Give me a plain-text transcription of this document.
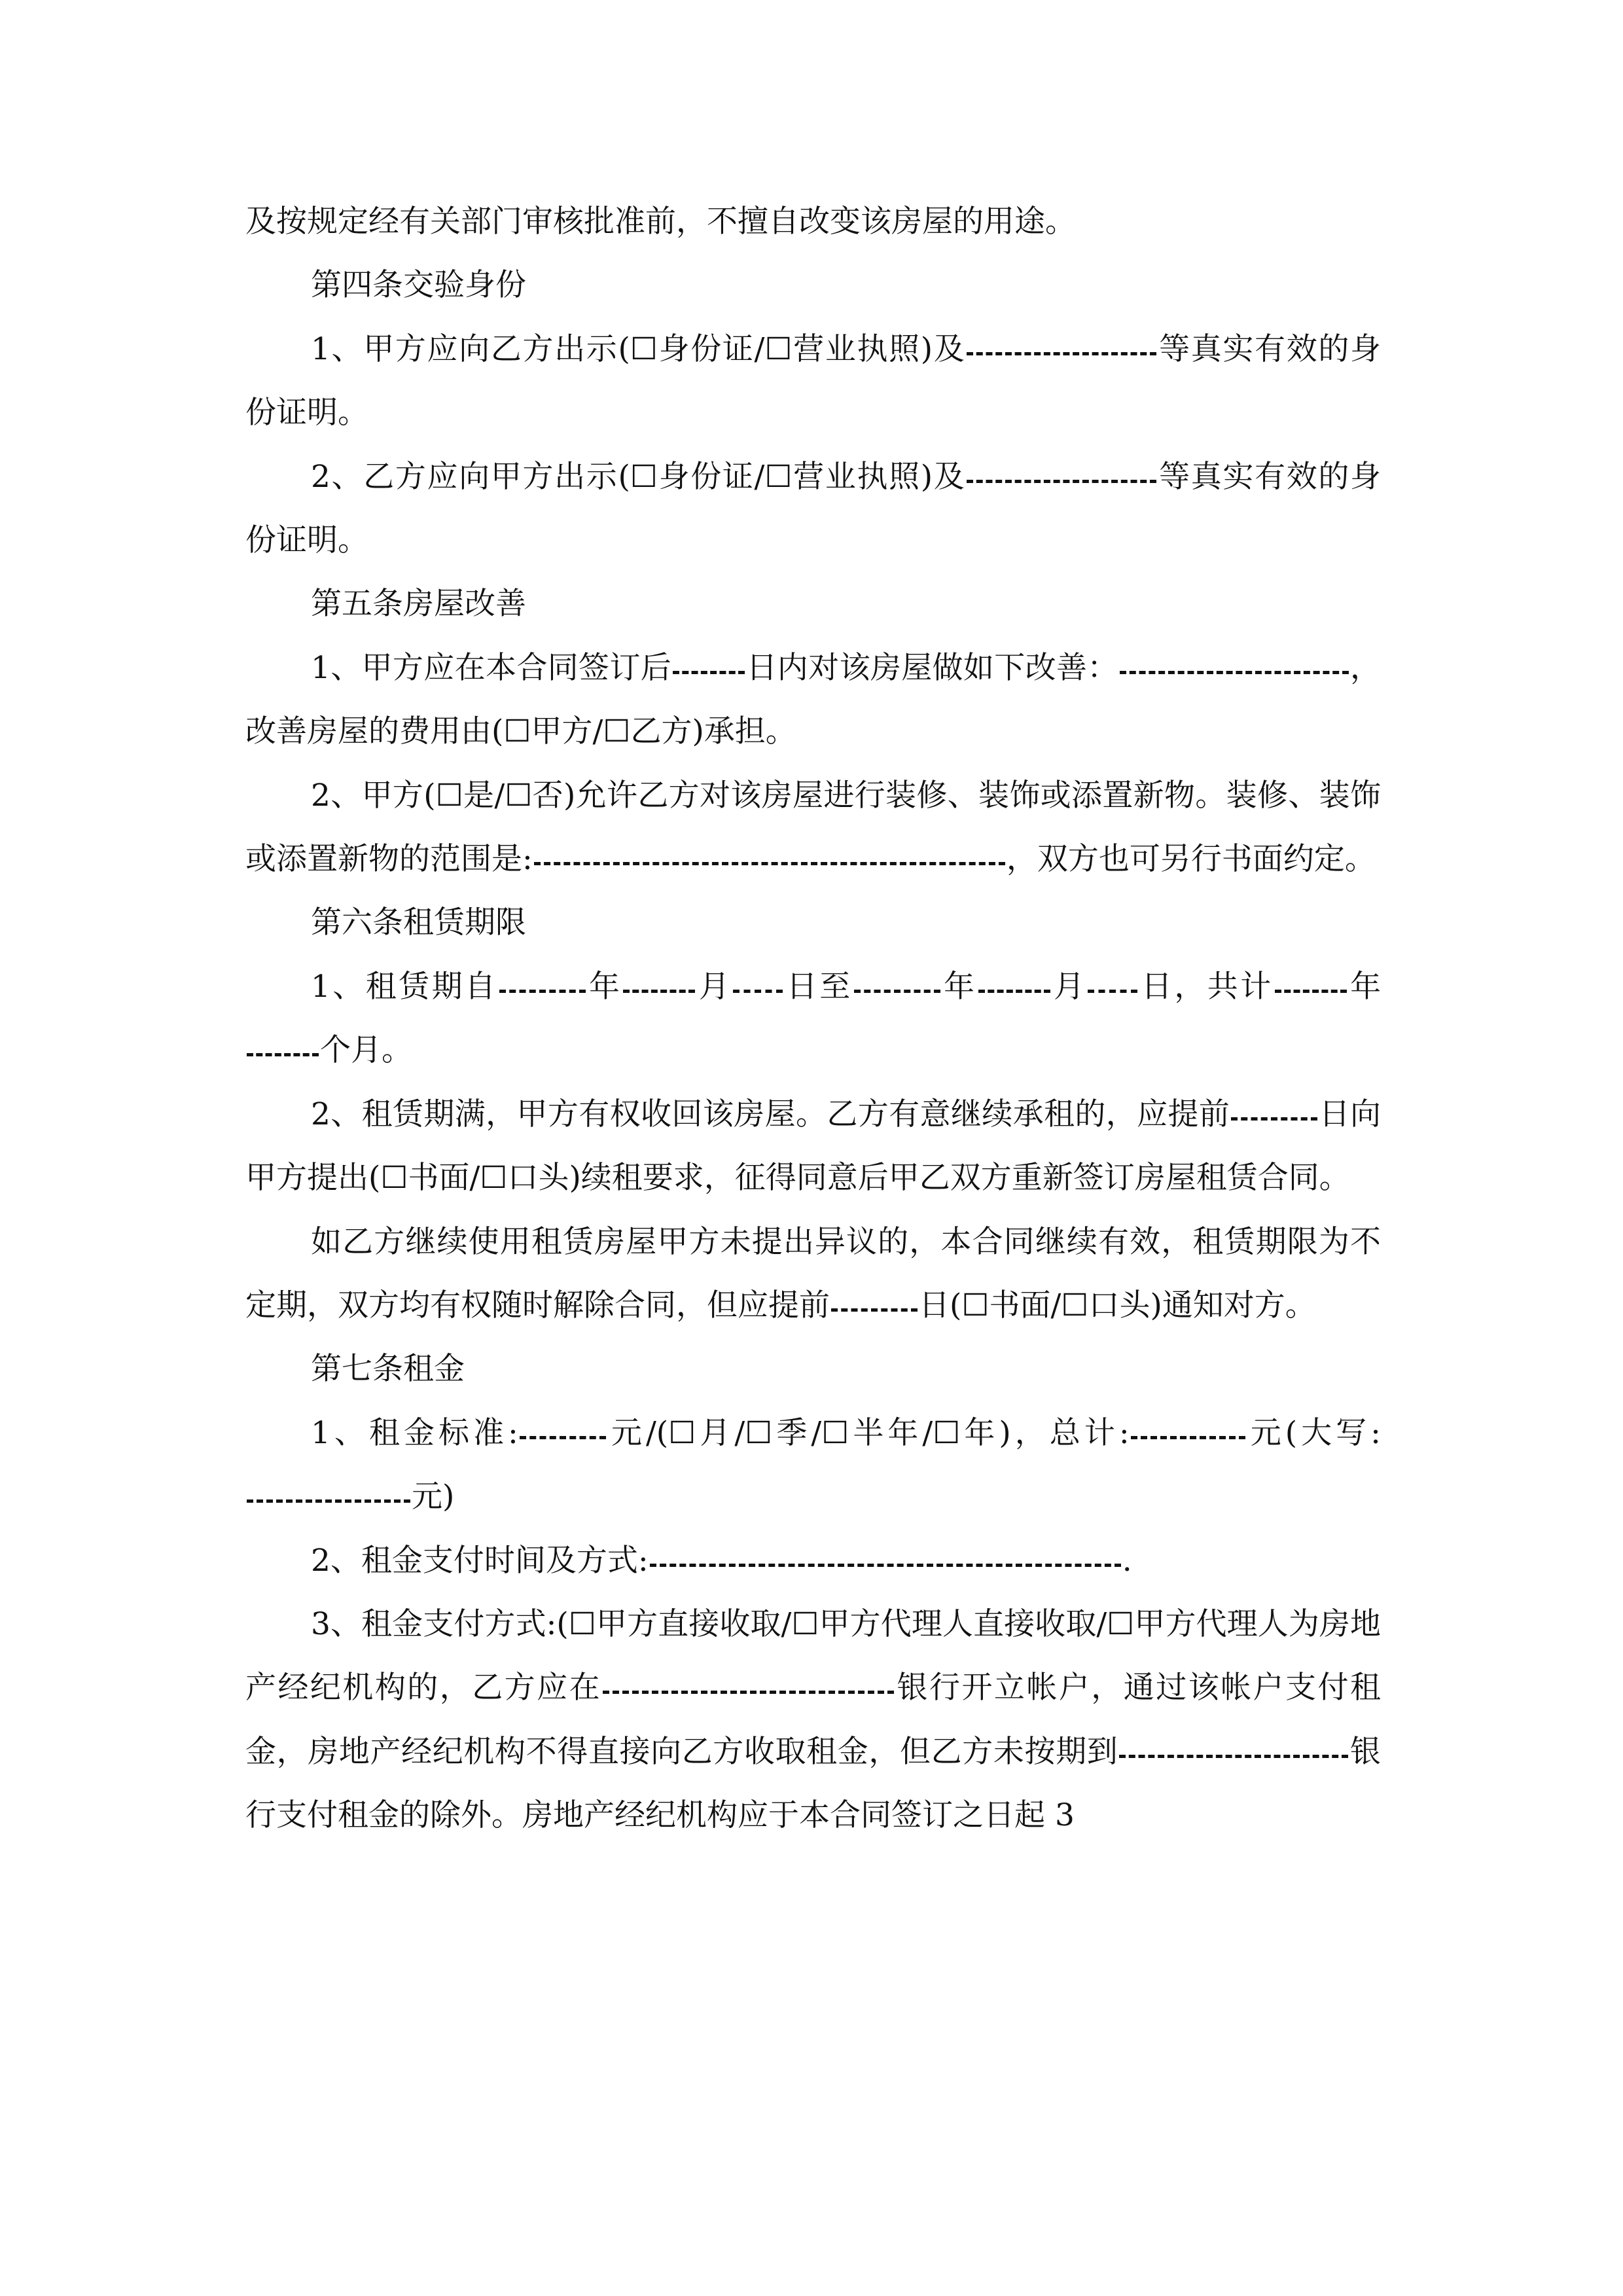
及按规定经有关部门审核批准前，不擅自改变该房屋的用途。

第四条交验身份

1、甲方应向乙方出示(☐身份证/☐营业执照)及	等真实有效的身份证明。

2、乙方应向甲方出示(☐身份证/☐营业执照)及	等真实有效的身份证明。

第五条房屋改善

1、甲方应在本合同签订后 日内对该房屋做如下改善：	，改善房屋的费用由(☐甲方/☐乙方)承担。

2、甲方(☐是/☐否)允许乙方对该房屋进行装修、装饰或添置新物。装修、装饰或添置新物的范围是:	，双方也可另行书面约定。

第六条租赁期限

1、租赁期自	年 月 日至	年 月 日，共计 年个月。

2、租赁期满，甲方有权收回该房屋。乙方有意继续承租的，应提前	日向甲方提出(☐书面/☐口头)续租要求，征得同意后甲乙双方重新签订房屋租赁合同。

如乙方继续使用租赁房屋甲方未提出异议的，本合同继续有效，租赁期限为不定期，双方均有权随时解除合同，但应提前	日(☐书面/☐口头)通知对方。

第七条租金

1、租金标准:	元/(☐月/☐季/☐半年/☐年)，总计:	元(大写:元)

2、租金支付时间及方式:	.

3、租金支付方式:(☐甲方直接收取/☐甲方代理人直接收取/☐甲方代理人为房地产经纪机构的，乙方应在	银行开立帐户，通过该帐户支付租金，房地产经纪机构不得直接向乙方收取租金，但乙方未按期到	银行支付租金的除外。房地产经纪机构应于本合同签订之日起 3
